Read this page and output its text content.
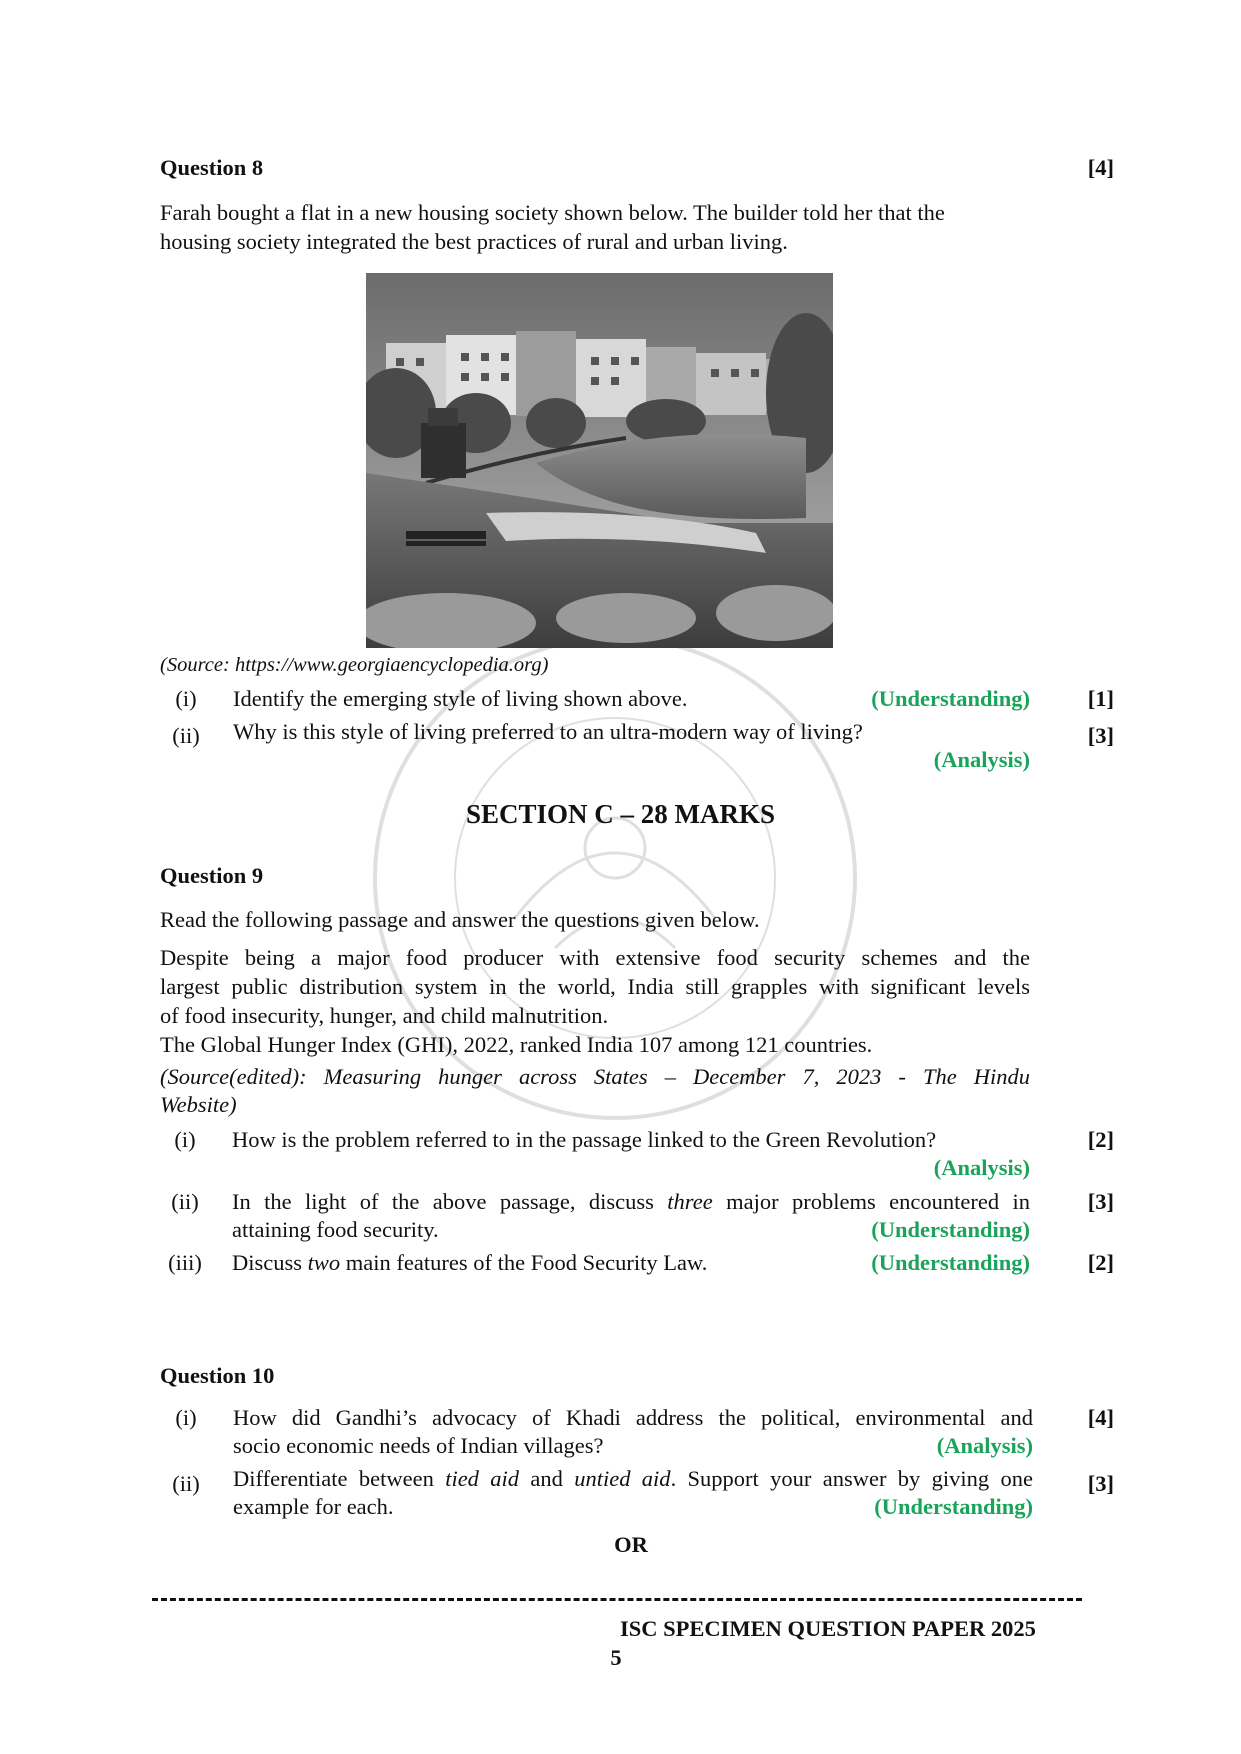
Question 8	[4]
Farah bought a flat in a new housing society shown below. The builder told her that the
housing society integrated the best practices of rural and urban living.
(Source: https://www.georgiaencyclopedia.org)
(i)	Identify the emerging style of living shown above.	(Understanding)	[1]
(ii)	Why is this style of living preferred to an ultra-modern way of living?
(Analysis)
[3]
SECTION C – 28 MARKS
Question 9
Read the following passage and answer the questions given below.
Despite being a major food producer with extensive food security schemes and the
largest public distribution system in the world, India still grapples with significant levels
of food insecurity, hunger, and child malnutrition.
The Global Hunger Index (GHI), 2022, ranked India 107 among 121 countries.
(Source(edited): Measuring hunger across States – December 7, 2023 - The Hindu
Website)
(i)	How is the problem referred to in the passage linked to the Green Revolution?
(Analysis)
[2]
(ii)	In the light of the above passage, discuss three major problems encountered in
attaining food security.	(Understanding)
[3]
(iii)	Discuss two main features of the Food Security Law.	(Understanding)	[2]
Question 10
(i)	How did Gandhi’s advocacy of Khadi address the political, environmental and
socio economic needs of Indian villages?	(Analysis)
[4]
(ii)	Differentiate between tied aid and untied aid. Support your answer by giving one
example for each.	(Understanding)
[3]
OR
ISC SPECIMEN QUESTION PAPER 2025
5
